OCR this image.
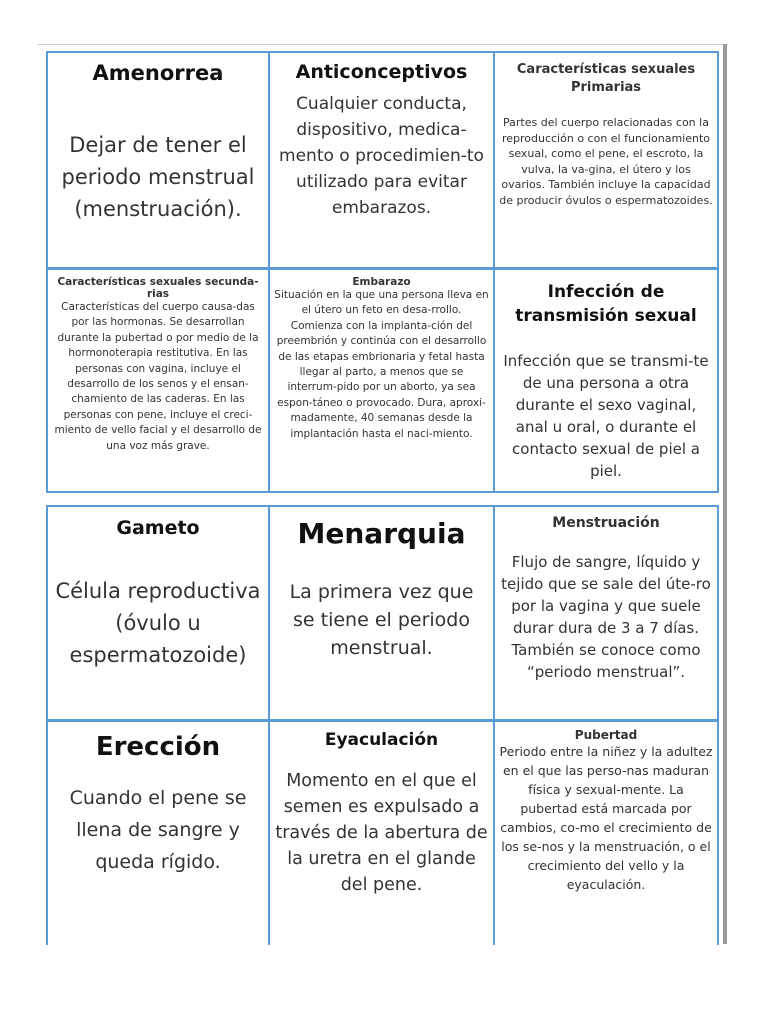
Amenorrea
Dejar de tener el periodo menstrual (menstruación).
Anticonceptivos
Cualquier conducta, dispositivo, medica-mento o procedimien-to utilizado para evitar embarazos.
Características sexuales Primarias
Partes del cuerpo relacionadas con la reproducción o con el funcionamiento sexual, como el pene, el escroto, la vulva, la va-gina, el útero y los ovarios. También incluye la capacidad de producir óvulos o espermatozoides.
Características sexuales secunda-rias
Características del cuerpo causa-das por las hormonas. Se desarrollan durante la pubertad o por medio de la hormonoterapia restitutiva. En las personas con vagina, incluye el desarrollo de los senos y el ensan-chamiento de las caderas. En las personas con pene, incluye el creci-miento de vello facial y el desarrollo de una voz más grave.
Embarazo
Situación en la que una persona lleva en el útero un feto en desa-rrollo. Comienza con la implanta-ción del preembrión y continúa con el desarrollo de las etapas embrionaria y fetal hasta llegar al parto, a menos que se interrum-pido por un aborto, ya sea espon-táneo o provocado. Dura, aproxi-madamente, 40 semanas desde la implantación hasta el naci-miento.
Infección de transmisión sexual
Infección que se transmi-te de una persona a otra durante el sexo vaginal, anal u oral, o durante el contacto sexual de piel a piel.
Gameto
Célula reproductiva (óvulo u espermatozoide)
Menarquia
La primera vez que se tiene el periodo menstrual.
Menstruación
Flujo de sangre, líquido y tejido que se sale del úte-ro por la vagina y que suele durar dura de 3 a 7 días. También se conoce como “periodo menstrual”.
Erección
Cuando el pene se llena de sangre y queda rígido.
Eyaculación
Momento en el que el semen es expulsado a través de la abertura de la uretra en el glande del pene.
Pubertad
Periodo entre la niñez y la adultez en el que las perso-nas maduran física y sexual-mente. La pubertad está marcada por cambios, co-mo el crecimiento de los se-nos y la menstruación, o el crecimiento del vello y la eyaculación.
